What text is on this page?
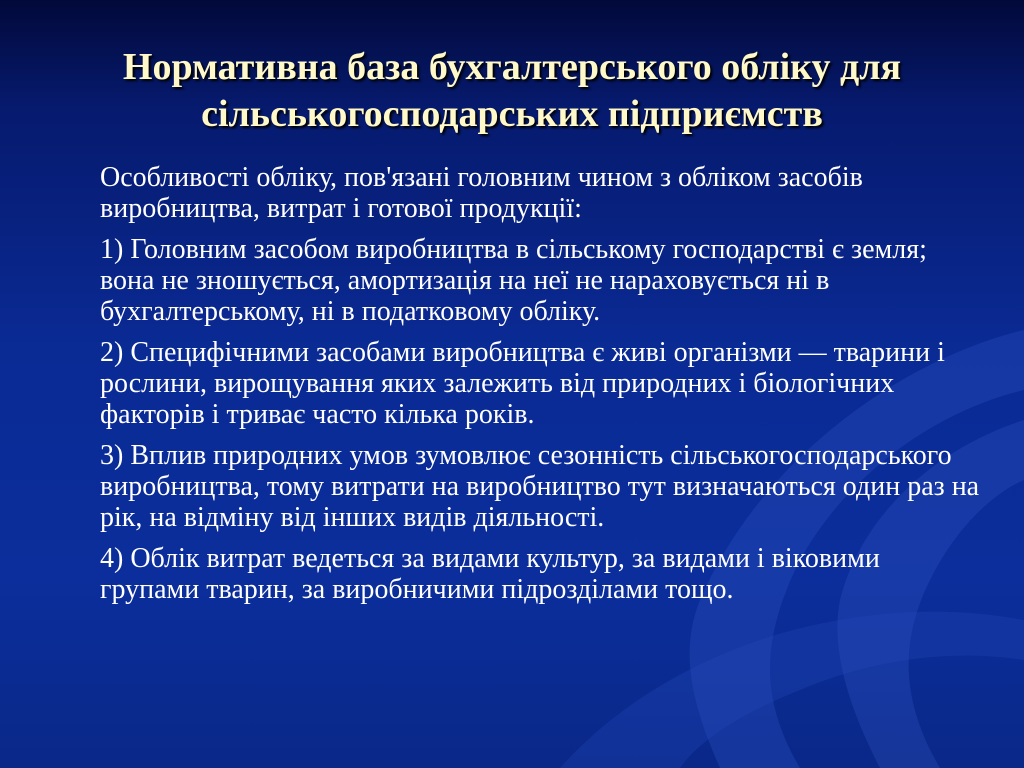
Нормативна база бухгалтерського обліку для сільськогосподарських підприємств

Особливості обліку, пов'язані головним чином з обліком засобів виробництва, витрат і готової продукції:

1) Головним засобом виробництва в сільському господарстві є земля; вона не зношується, амортизація на неї не нараховується ні в бухгалтерському, ні в податковому обліку.

2) Специфічними засобами виробництва є живі організми — тварини і рослини, вирощування яких залежить від природних і біологічних факторів і триває часто кілька років.

3) Вплив природних умов зумовлює сезонність сільськогосподарського виробництва, тому витрати на виробництво тут визначаються один раз на рік, на відміну від інших видів діяльності.

4) Облік витрат ведеться за видами культур, за видами і віковими групами тварин, за виробничими підрозділами тощо.
